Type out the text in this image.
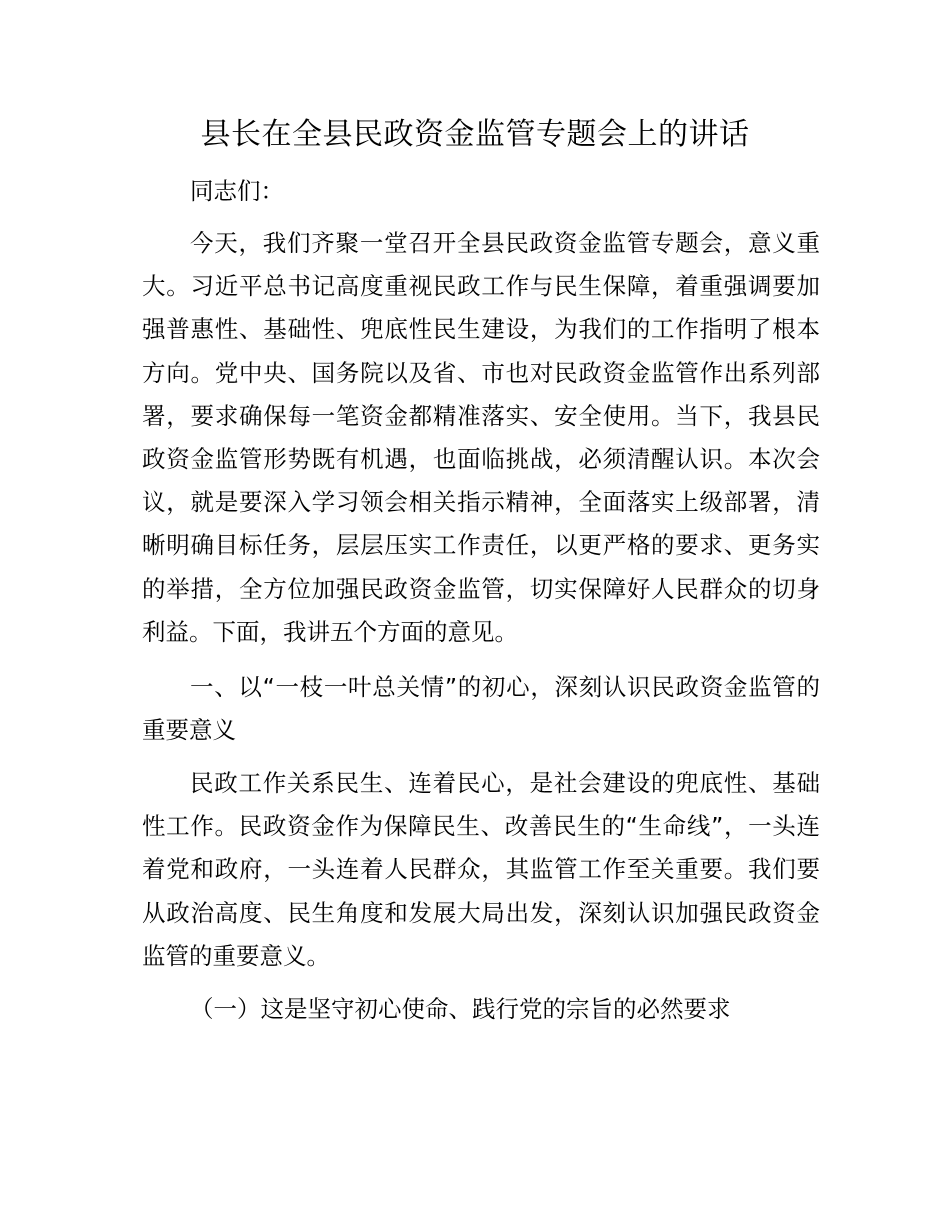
县长在全县民政资金监管专题会上的讲话

同志们：

今天，我们齐聚一堂召开全县民政资金监管专题会，意义重大。习近平总书记高度重视民政工作与民生保障，着重强调要加强普惠性、基础性、兜底性民生建设，为我们的工作指明了根本方向。党中央、国务院以及省、市也对民政资金监管作出系列部署，要求确保每一笔资金都精准落实、安全使用。当下，我县民政资金监管形势既有机遇，也面临挑战，必须清醒认识。本次会议，就是要深入学习领会相关指示精神，全面落实上级部署，清晰明确目标任务，层层压实工作责任，以更严格的要求、更务实的举措，全方位加强民政资金监管，切实保障好人民群众的切身利益。下面，我讲五个方面的意见。

一、以“一枝一叶总关情”的初心，深刻认识民政资金监管的重要意义

民政工作关系民生、连着民心，是社会建设的兜底性、基础性工作。民政资金作为保障民生、改善民生的“生命线”，一头连着党和政府，一头连着人民群众，其监管工作至关重要。我们要从政治高度、民生角度和发展大局出发，深刻认识加强民政资金监管的重要意义。

（一）这是坚守初心使命、践行党的宗旨的必然要求
